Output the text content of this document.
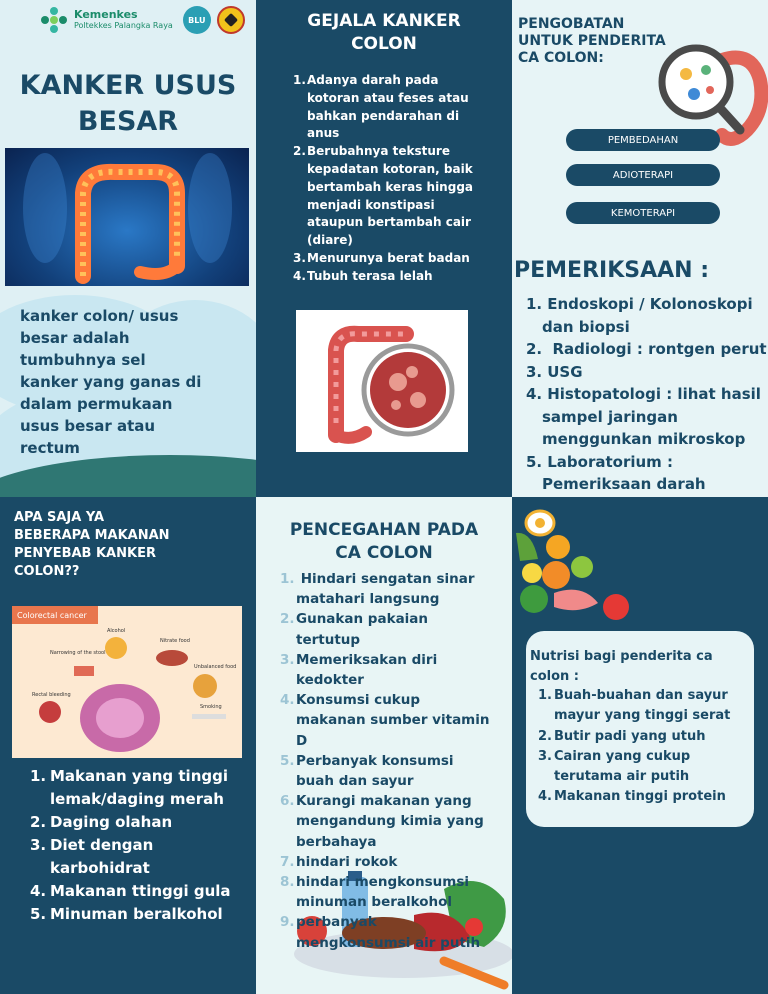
Kemenkes
Poltekkes Palangka Raya
BLU
KANKER USUS
BESAR
kanker colon/ usus
besar adalah
tumbuhnya sel
kanker yang ganas di
dalam permukaan
usus besar atau
rectum
GEJALA KANKER
COLON
1. Adanya darah pada
kotoran atau feses atau
bahkan pendarahan di
anus
2. Berubahnya teksture
kepadatan kotoran, baik
bertambah keras hingga
menjadi konstipasi
ataupun bertambah cair
(diare)
3. Menurunya berat badan
4. Tubuh terasa lelah
PENGOBATAN
UNTUK PENDERITA
CA COLON:
PEMBEDAHAN
ADIOTERAPI
KEMOTERAPI
PEMERIKSAAN :
1. Endoskopi / Kolonoskopi
dan biopsi
2. Radiologi : rontgen perut
3. USG
4. Histopatologi : lihat hasil
sampel jaringan
menggunkan mikroskop
5. Laboratorium :
Pemeriksaan darah
APA SAJA YA
BEBERAPA MAKANAN
PENYEBAB KANKER
COLON??
Colorectal cancer
Alcohol
Nitrate food
Unbalanced food
Smoking
Narrowing of the stool
Rectal bleeding
1. Makanan yang tinggi
lemak/daging merah
2. Daging olahan
3. Diet dengan
karbohidrat
4. Makanan ttinggi gula
5. Minuman beralkohol
PENCEGAHAN PADA
CA COLON
1. Hindari sengatan sinar
matahari langsung
2. Gunakan pakaian
tertutup
3. Memeriksakan diri
kedokter
4. Konsumsi cukup
makanan sumber vitamin
D
5. Perbanyak konsumsi
buah dan sayur
6. Kurangi makanan yang
mengandung kimia yang
berbahaya
7. hindari rokok
8. hindari mengkonsumsi
minuman beralkohol
9. perbanyak
mengkonsumsi air putih
Nutrisi bagi penderita ca
colon :
1. Buah-buahan dan sayur
mayur yang tinggi serat
2. Butir padi yang utuh
3. Cairan yang cukup
terutama air putih
4. Makanan tinggi protein
